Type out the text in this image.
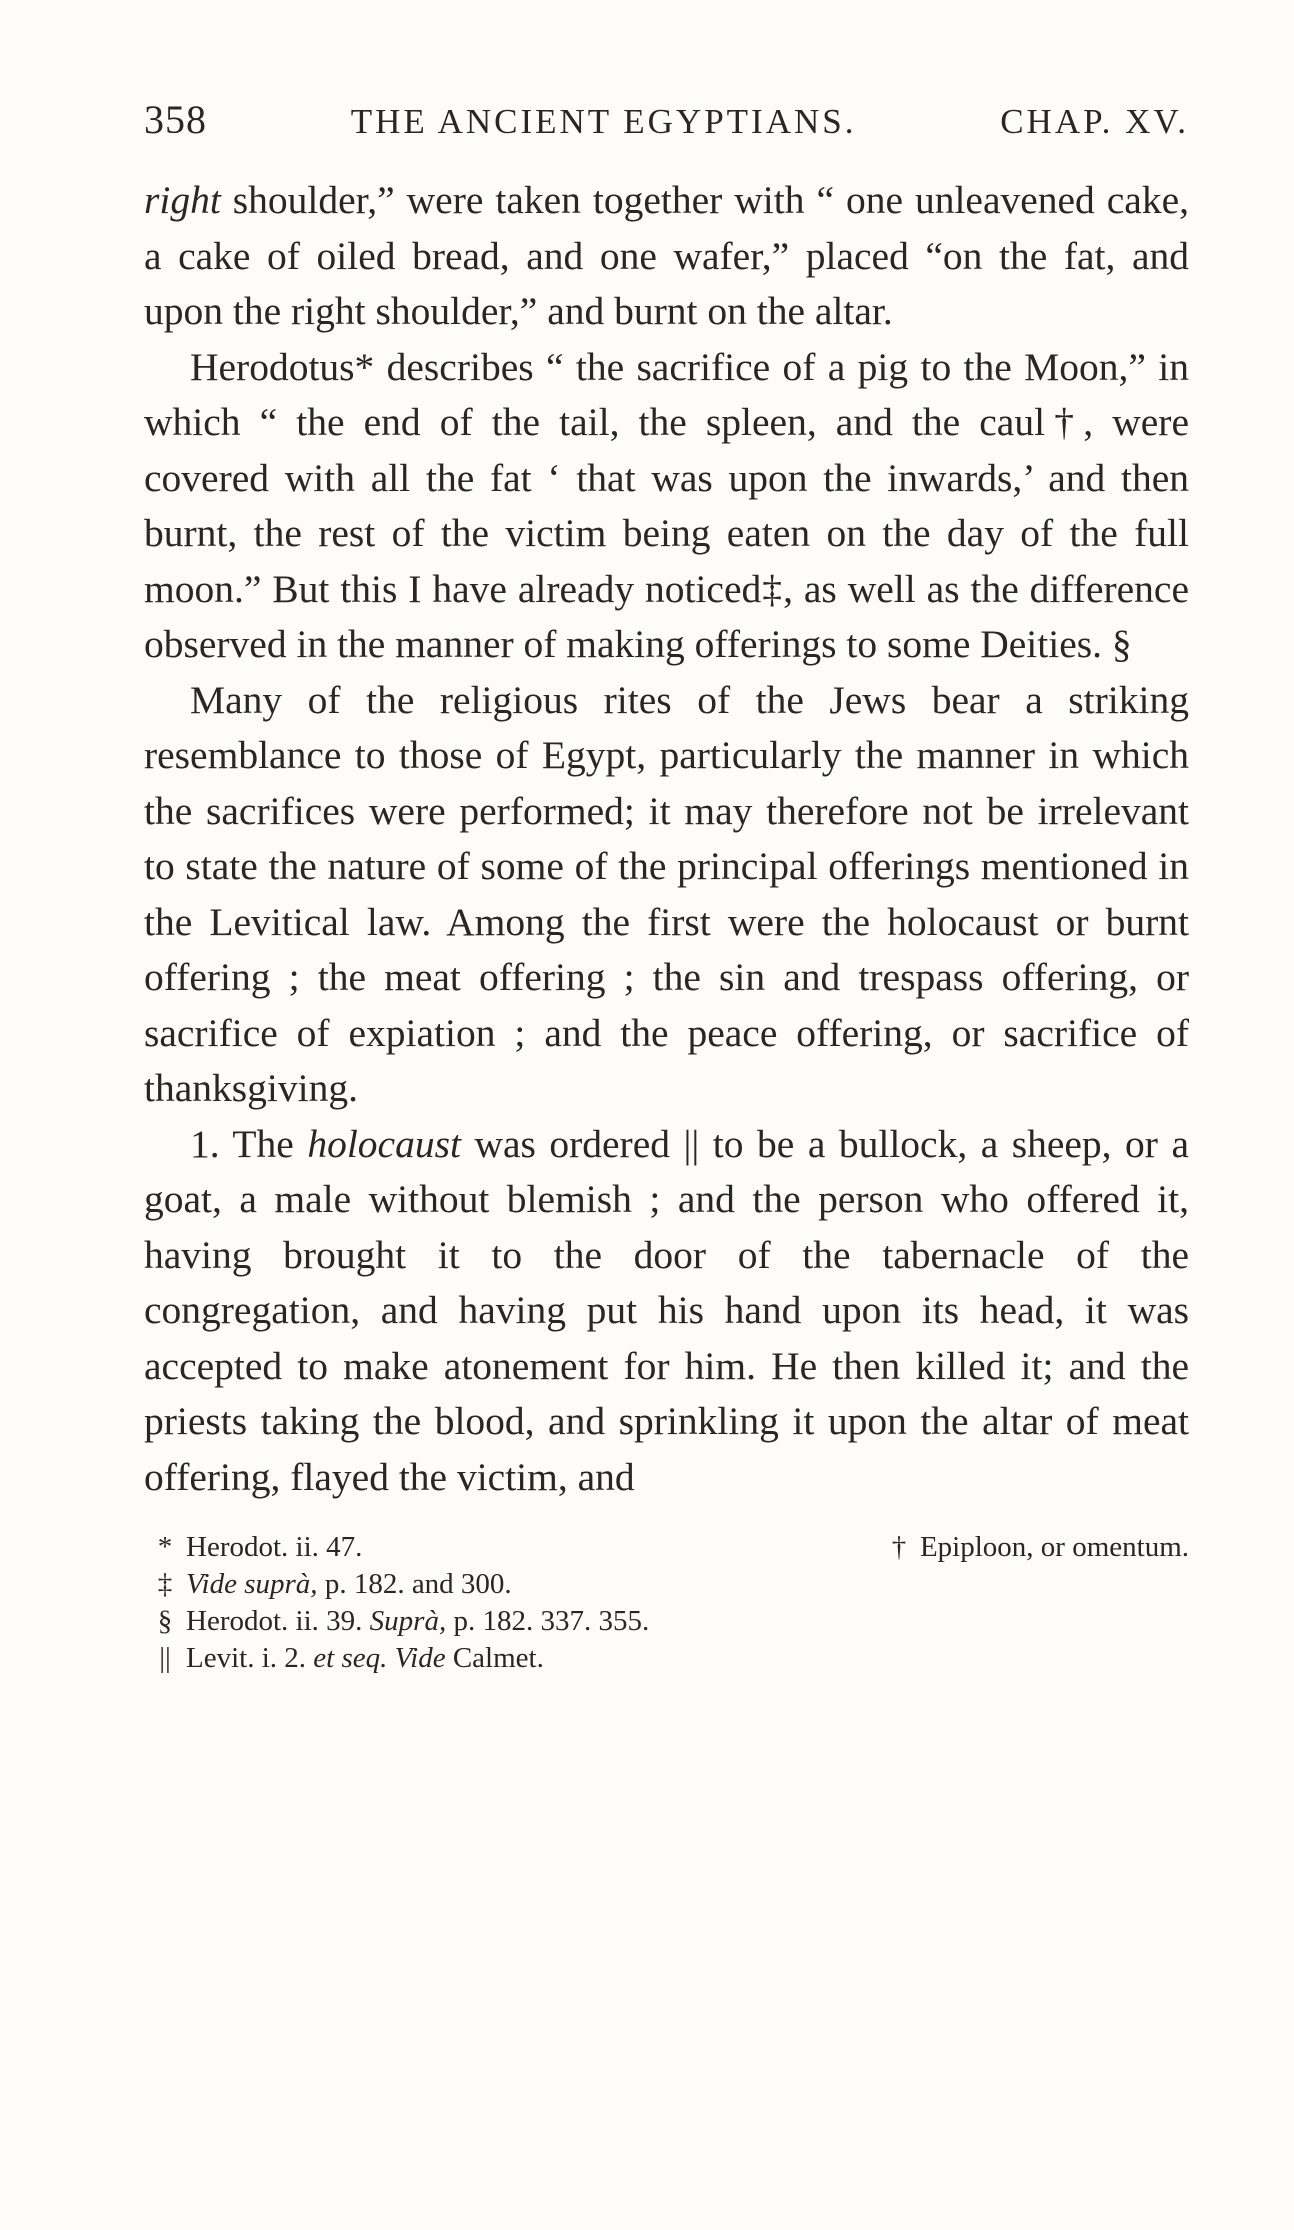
358	THE ANCIENT EGYPTIANS.	CHAP. XV.

right shoulder,” were taken together with “ one unleavened cake, a cake of oiled bread, and one wafer,” placed “on the fat, and upon the right shoulder,” and burnt on the altar.

Herodotus* describes “ the sacrifice of a pig to the Moon,” in which “ the end of the tail, the spleen, and the caul†, were covered with all the fat ‘ that was upon the inwards,’ and then burnt, the rest of the victim being eaten on the day of the full moon.” But this I have already noticed‡, as well as the difference observed in the manner of making offerings to some Deities. §

Many of the religious rites of the Jews bear a striking resemblance to those of Egypt, particularly the manner in which the sacrifices were performed; it may therefore not be irrelevant to state the nature of some of the principal offerings mentioned in the Levitical law. Among the first were the holocaust or burnt offering ; the meat offering ; the sin and trespass offering, or sacrifice of expiation ; and the peace offering, or sacrifice of thanksgiving.

1. The holocaust was ordered || to be a bullock, a sheep, or a goat, a male without blemish ; and the person who offered it, having brought it to the door of the tabernacle of the congregation, and having put his hand upon its head, it was accepted to make atonement for him. He then killed it; and the priests taking the blood, and sprinkling it upon the altar of meat offering, flayed the victim, and

* Herodot. ii. 47.	† Epiploon, or omentum.
‡ Vide suprà, p. 182. and 300.
§ Herodot. ii. 39. Suprà, p. 182. 337. 355.
|| Levit. i. 2. et seq. Vide Calmet.
